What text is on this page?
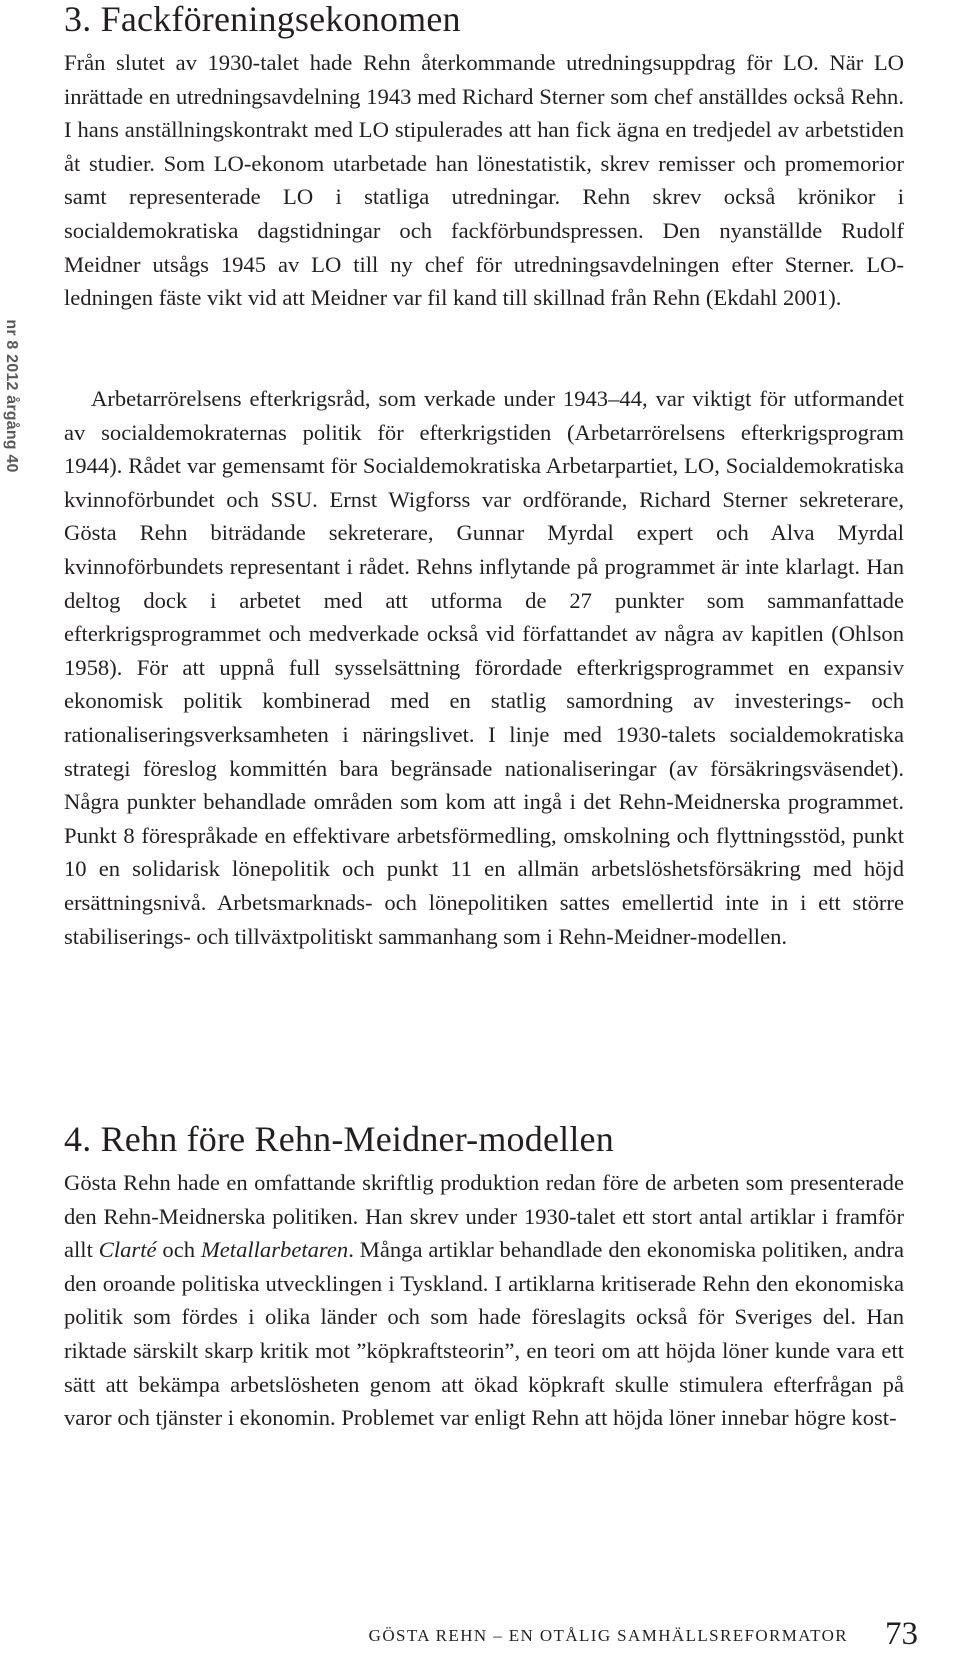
nr 8 2012 årgång 40
3. Fackföreningsekonomen

Från slutet av 1930-talet hade Rehn återkommande utredningsuppdrag för LO. När LO inrättade en utredningsavdelning 1943 med Richard Sterner som chef anställdes också Rehn. I hans anställningskontrakt med LO stipulerades att han fick ägna en tredjedel av arbetstiden åt studier. Som LO-ekonom utarbetade han lönestatistik, skrev remisser och promemorior samt representerade LO i statliga utredningar. Rehn skrev också krönikor i socialdemokratiska dagstidningar och fackförbundspressen. Den nyanställde Rudolf Meidner utsågs 1945 av LO till ny chef för utredningsavdelningen efter Sterner. LO-ledningen fäste vikt vid att Meidner var fil kand till skillnad från Rehn (Ekdahl 2001).

Arbetarrörelsens efterkrigsråd, som verkade under 1943–44, var viktigt för utformandet av socialdemokraternas politik för efterkrigstiden (Arbetarrörelsens efterkrigsprogram 1944). Rådet var gemensamt för Socialdemokratiska Arbetarpartiet, LO, Socialdemokratiska kvinnoförbundet och SSU. Ernst Wigforss var ordförande, Richard Sterner sekreterare, Gösta Rehn biträdande sekreterare, Gunnar Myrdal expert och Alva Myrdal kvinnoförbundets representant i rådet. Rehns inflytande på programmet är inte klarlagt. Han deltog dock i arbetet med att utforma de 27 punkter som sammanfattade efterkrigsprogrammet och medverkade också vid författandet av några av kapitlen (Ohlson 1958). För att uppnå full sysselsättning förordade efterkrigsprogrammet en expansiv ekonomisk politik kombinerad med en statlig samordning av investerings- och rationaliseringsverksamheten i näringslivet. I linje med 1930-talets socialdemokratiska strategi föreslog kommittén bara begränsade nationaliseringar (av försäkringsväsendet). Några punkter behandlade områden som kom att ingå i det Rehn-Meidnerska programmet. Punkt 8 förespråkade en effektivare arbetsförmedling, omskolning och flyttningsstöd, punkt 10 en solidarisk lönepolitik och punkt 11 en allmän arbetslöshetsförsäkring med höjd ersättningsnivå. Arbetsmarknads- och lönepolitiken sattes emellertid inte in i ett större stabiliserings- och tillväxtpolitiskt sammanhang som i Rehn-Meidner-modellen.

4. Rehn före Rehn-Meidner-modellen

Gösta Rehn hade en omfattande skriftlig produktion redan före de arbeten som presenterade den Rehn-Meidnerska politiken. Han skrev under 1930-talet ett stort antal artiklar i framför allt Clarté och Metallarbetaren. Många artiklar behandlade den ekonomiska politiken, andra den oroande politiska utvecklingen i Tyskland. I artiklarna kritiserade Rehn den ekonomiska politik som fördes i olika länder och som hade föreslagits också för Sveriges del. Han riktade särskilt skarp kritik mot ”köpkraftsteorin”, en teori om att höjda löner kunde vara ett sätt att bekämpa arbetslösheten genom att ökad köpkraft skulle stimulera efterfrågan på varor och tjänster i ekonomin. Problemet var enligt Rehn att höjda löner innebar högre kost-

GÖSTA REHN – EN OTÅLIG SAMHÄLLSREFORMATOR 73
